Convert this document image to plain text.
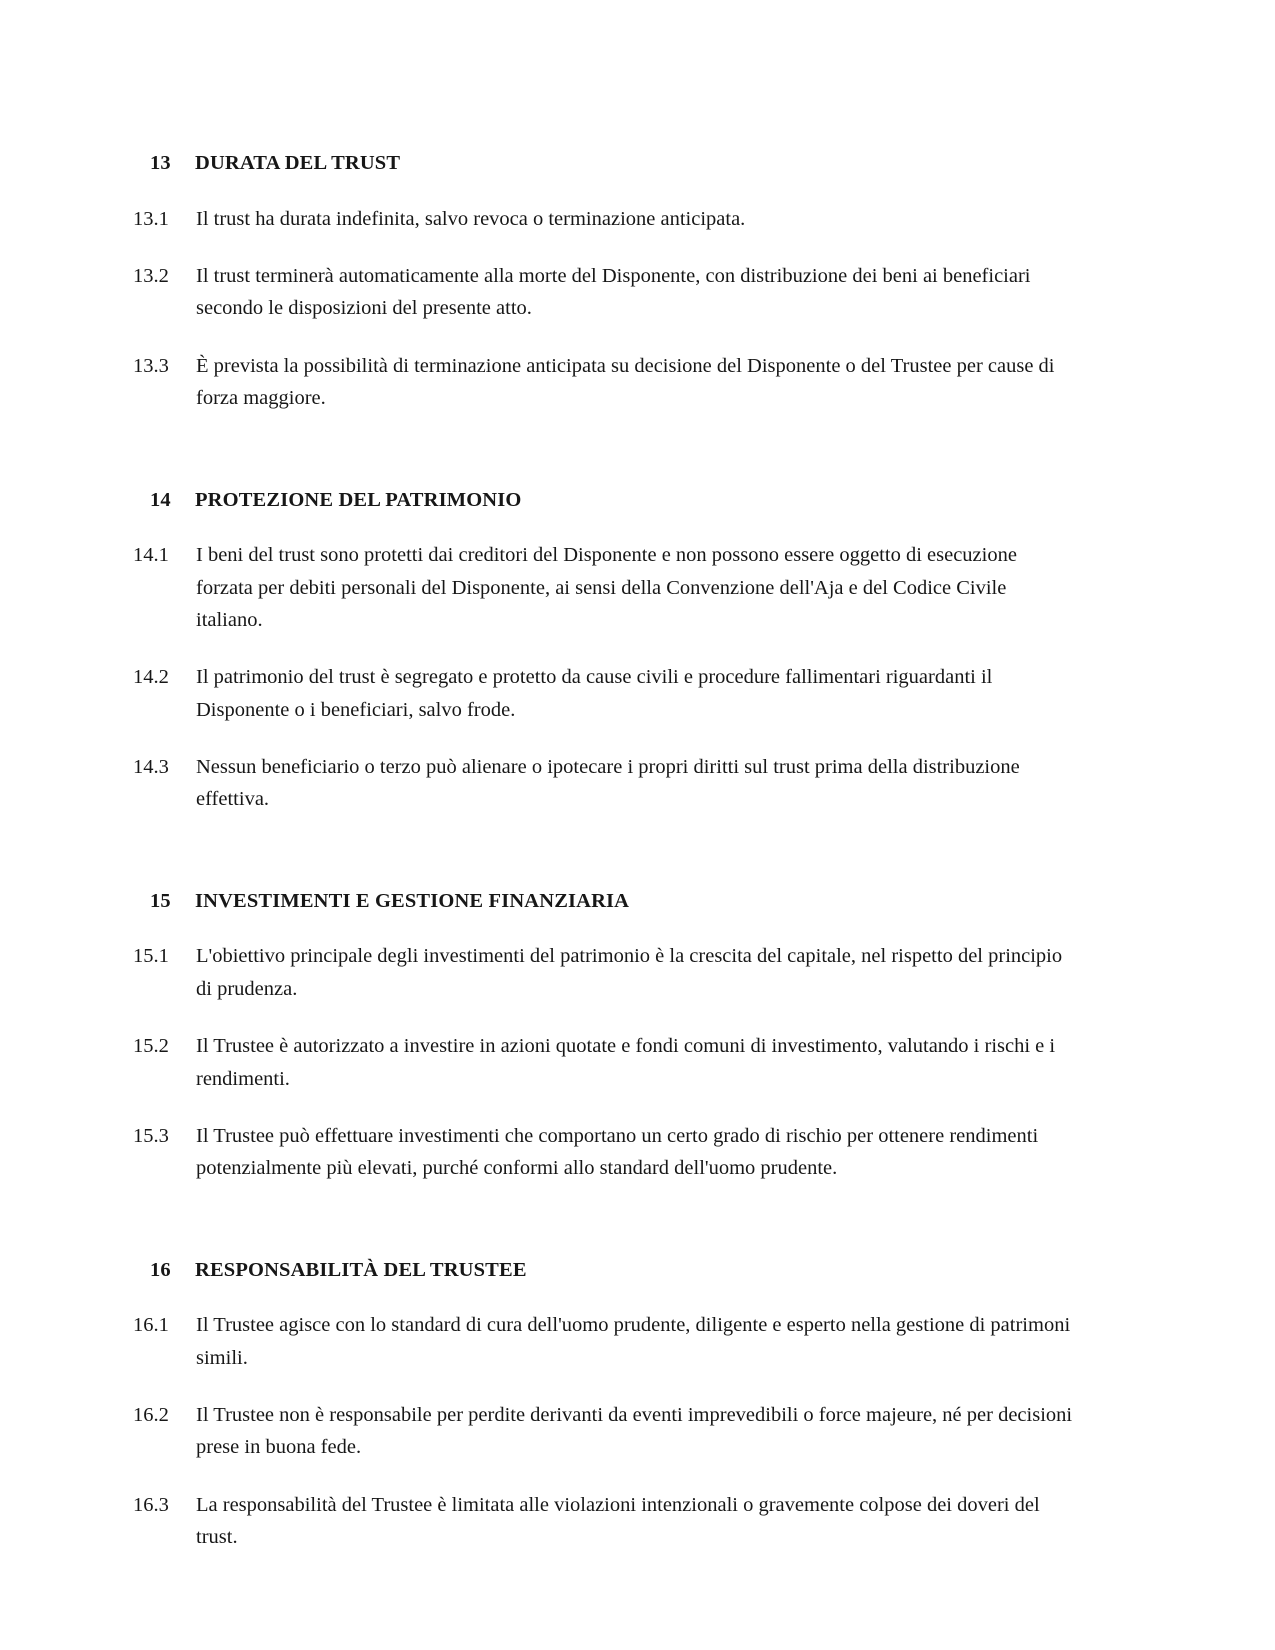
13	DURATA DEL TRUST

13.1	Il trust ha durata indefinita, salvo revoca o terminazione anticipata.

13.2	Il trust terminerà automaticamente alla morte del Disponente, con distribuzione dei beni ai beneficiari secondo le disposizioni del presente atto.

13.3	È prevista la possibilità di terminazione anticipata su decisione del Disponente o del Trustee per cause di forza maggiore.

14	PROTEZIONE DEL PATRIMONIO

14.1	I beni del trust sono protetti dai creditori del Disponente e non possono essere oggetto di esecuzione forzata per debiti personali del Disponente, ai sensi della Convenzione dell'Aja e del Codice Civile italiano.

14.2	Il patrimonio del trust è segregato e protetto da cause civili e procedure fallimentari riguardanti il Disponente o i beneficiari, salvo frode.

14.3	Nessun beneficiario o terzo può alienare o ipotecare i propri diritti sul trust prima della distribuzione effettiva.

15	INVESTIMENTI E GESTIONE FINANZIARIA

15.1	L'obiettivo principale degli investimenti del patrimonio è la crescita del capitale, nel rispetto del principio di prudenza.

15.2	Il Trustee è autorizzato a investire in azioni quotate e fondi comuni di investimento, valutando i rischi e i rendimenti.

15.3	Il Trustee può effettuare investimenti che comportano un certo grado di rischio per ottenere rendimenti potenzialmente più elevati, purché conformi allo standard dell'uomo prudente.

16	RESPONSABILITÀ DEL TRUSTEE

16.1	Il Trustee agisce con lo standard di cura dell'uomo prudente, diligente e esperto nella gestione di patrimoni simili.

16.2	Il Trustee non è responsabile per perdite derivanti da eventi imprevedibili o force majeure, né per decisioni prese in buona fede.

16.3	La responsabilità del Trustee è limitata alle violazioni intenzionali o gravemente colpose dei doveri del trust.
